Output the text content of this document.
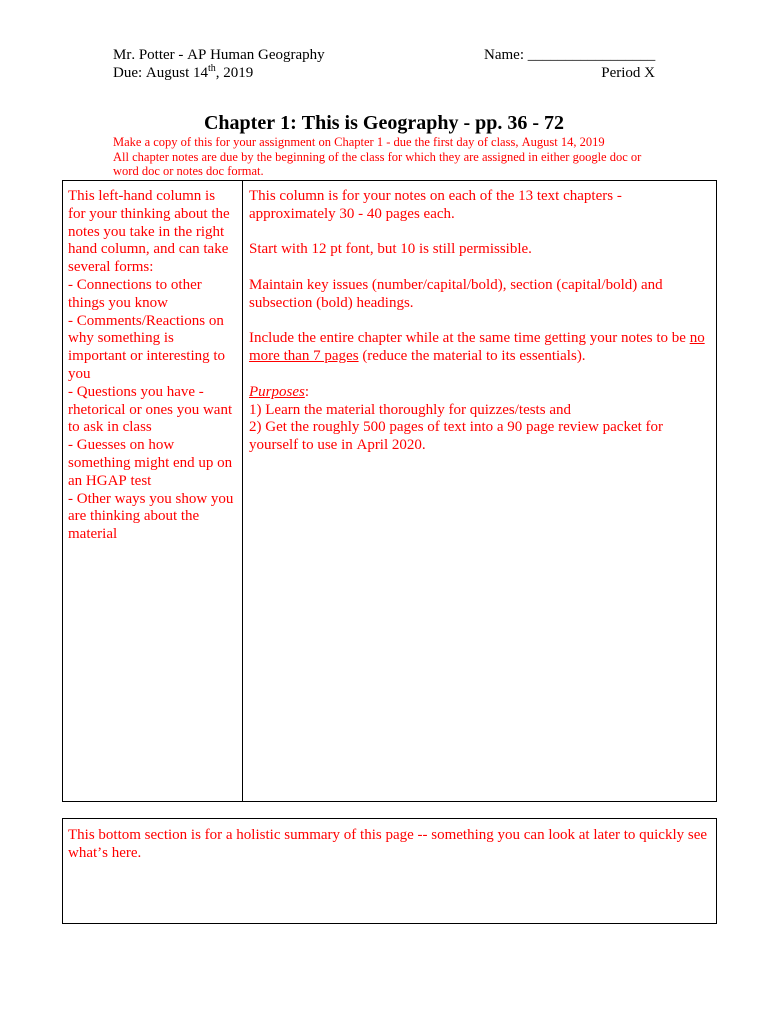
Mr. Potter - AP Human Geography	Name: _________________
Due: August 14th, 2019	Period X
Chapter 1: This is Geography - pp. 36 - 72
Make a copy of this for your assignment on Chapter 1 - due the first day of class, August 14, 2019
All chapter notes are due by the beginning of the class for which they are assigned in either google doc or word doc or notes doc format.
This left-hand column is for your thinking about the notes you take in the right hand column, and can take several forms:
- Connections to other things you know
- Comments/Reactions on why something is important or interesting to you
- Questions you have - rhetorical or ones you want to ask in class
- Guesses on how something might end up on an HGAP test
- Other ways you show you are thinking about the material
This column is for your notes on each of the 13 text chapters - approximately 30 - 40 pages each.
Start with 12 pt font, but 10 is still permissible.
Maintain key issues (number/capital/bold), section (capital/bold) and subsection (bold) headings.
Include the entire chapter while at the same time getting your notes to be no more than 7 pages (reduce the material to its essentials).
Purposes:
1) Learn the material thoroughly for quizzes/tests and
2) Get the roughly 500 pages of text into a 90 page review packet for yourself to use in April 2020.
This bottom section is for a holistic summary of this page -- something you can look at later to quickly see what’s here.
